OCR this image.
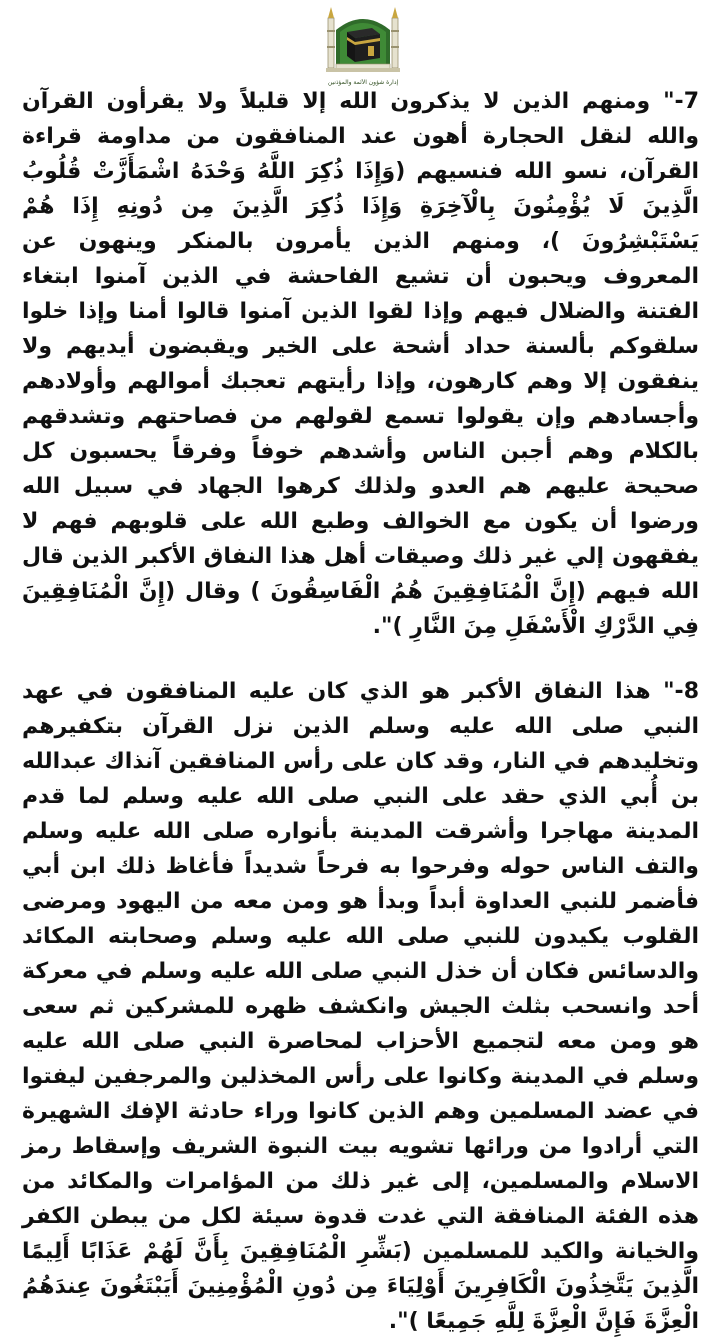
إدارة شؤون الأئمة والمؤذنين

7-" ومنهم الذين لا يذكرون الله إلا قليلاً ولا يقرأون القرآن والله لنقل الحجارة أهون عند المنافقون من مداومة قراءة القرآن، نسو الله فنسيهم (وَإِذَا ذُكِرَ اللَّهُ وَحْدَهُ اشْمَأَزَّتْ قُلُوبُ الَّذِينَ لَا يُؤْمِنُونَ بِالْآخِرَةِ وَإِذَا ذُكِرَ الَّذِينَ مِن دُونِهِ إِذَا هُمْ يَسْتَبْشِرُونَ )، ومنهم الذين يأمرون بالمنكر وينهون عن المعروف ويحبون أن تشيع الفاحشة في الذين آمنوا ابتغاء الفتنة والضلال فيهم وإذا لقوا الذين آمنوا قالوا أمنا وإذا خلوا سلقوكم بألسنة حداد أشحة على الخير ويقبضون أيديهم ولا ينفقون إلا وهم كارهون، وإذا رأيتهم تعجبك أموالهم وأولادهم وأجسادهم وإن يقولوا تسمع لقولهم من فصاحتهم وتشدقهم بالكلام وهم أجبن الناس وأشدهم خوفاً وفرقاً يحسبون كل صحيحة عليهم هم العدو ولذلك كرهوا الجهاد في سبيل الله ورضوا أن يكون مع الخوالف وطبع الله على قلوبهم فهم لا يفقهون إلي غير ذلك وصيقات أهل هذا النفاق الأكبر الذين قال الله فيهم (إِنَّ الْمُنَافِقِينَ هُمُ الْفَاسِقُونَ ) وقال (إِنَّ الْمُنَافِقِينَ فِي الدَّرْكِ الْأَسْفَلِ مِنَ النَّارِ )".

8-" هذا النفاق الأكبر هو الذي كان عليه المنافقون في عهد النبي صلى الله عليه وسلم الذين نزل القرآن بتكفيرهم وتخليدهم في النار، وقد كان على رأس المنافقين آنذاك عبدالله بن أُبي الذي حقد على النبي صلى الله عليه وسلم لما قدم المدينة مهاجرا وأشرقت المدينة بأنواره صلى الله عليه وسلم والتف الناس حوله وفرحوا به فرحاً شديداً فأغاظ ذلك ابن أبي فأضمر للنبي العداوة أبداً وبدأ هو ومن معه من اليهود ومرضى القلوب يكيدون للنبي صلى الله عليه وسلم وصحابته المكائد والدسائس فكان أن خذل النبي صلى الله عليه وسلم في معركة أحد وانسحب بثلث الجيش وانكشف ظهره للمشركين ثم سعى هو ومن معه لتجميع الأحزاب لمحاصرة النبي صلى الله عليه وسلم في المدينة وكانوا على رأس المخذلين والمرجفين ليفتوا في عضد المسلمين وهم الذين كانوا وراء حادثة الإفك الشهيرة التي أرادوا من ورائها تشويه بيت النبوة الشريف وإسقاط رمز الاسلام والمسلمين، إلى غير ذلك من المؤامرات والمكائد من هذه الفئة المنافقة التي غدت قدوة سيئة لكل من يبطن الكفر والخيانة والكيد للمسلمين (بَشِّرِ الْمُنَافِقِينَ بِأَنَّ لَهُمْ عَذَابًا أَلِيمًا الَّذِينَ يَتَّخِذُونَ الْكَافِرِينَ أَوْلِيَاءَ مِن دُونِ الْمُؤْمِنِينَ أَيَبْتَغُونَ عِندَهُمُ الْعِزَّةَ فَإِنَّ الْعِزَّةَ لِلَّهِ جَمِيعًا )".
